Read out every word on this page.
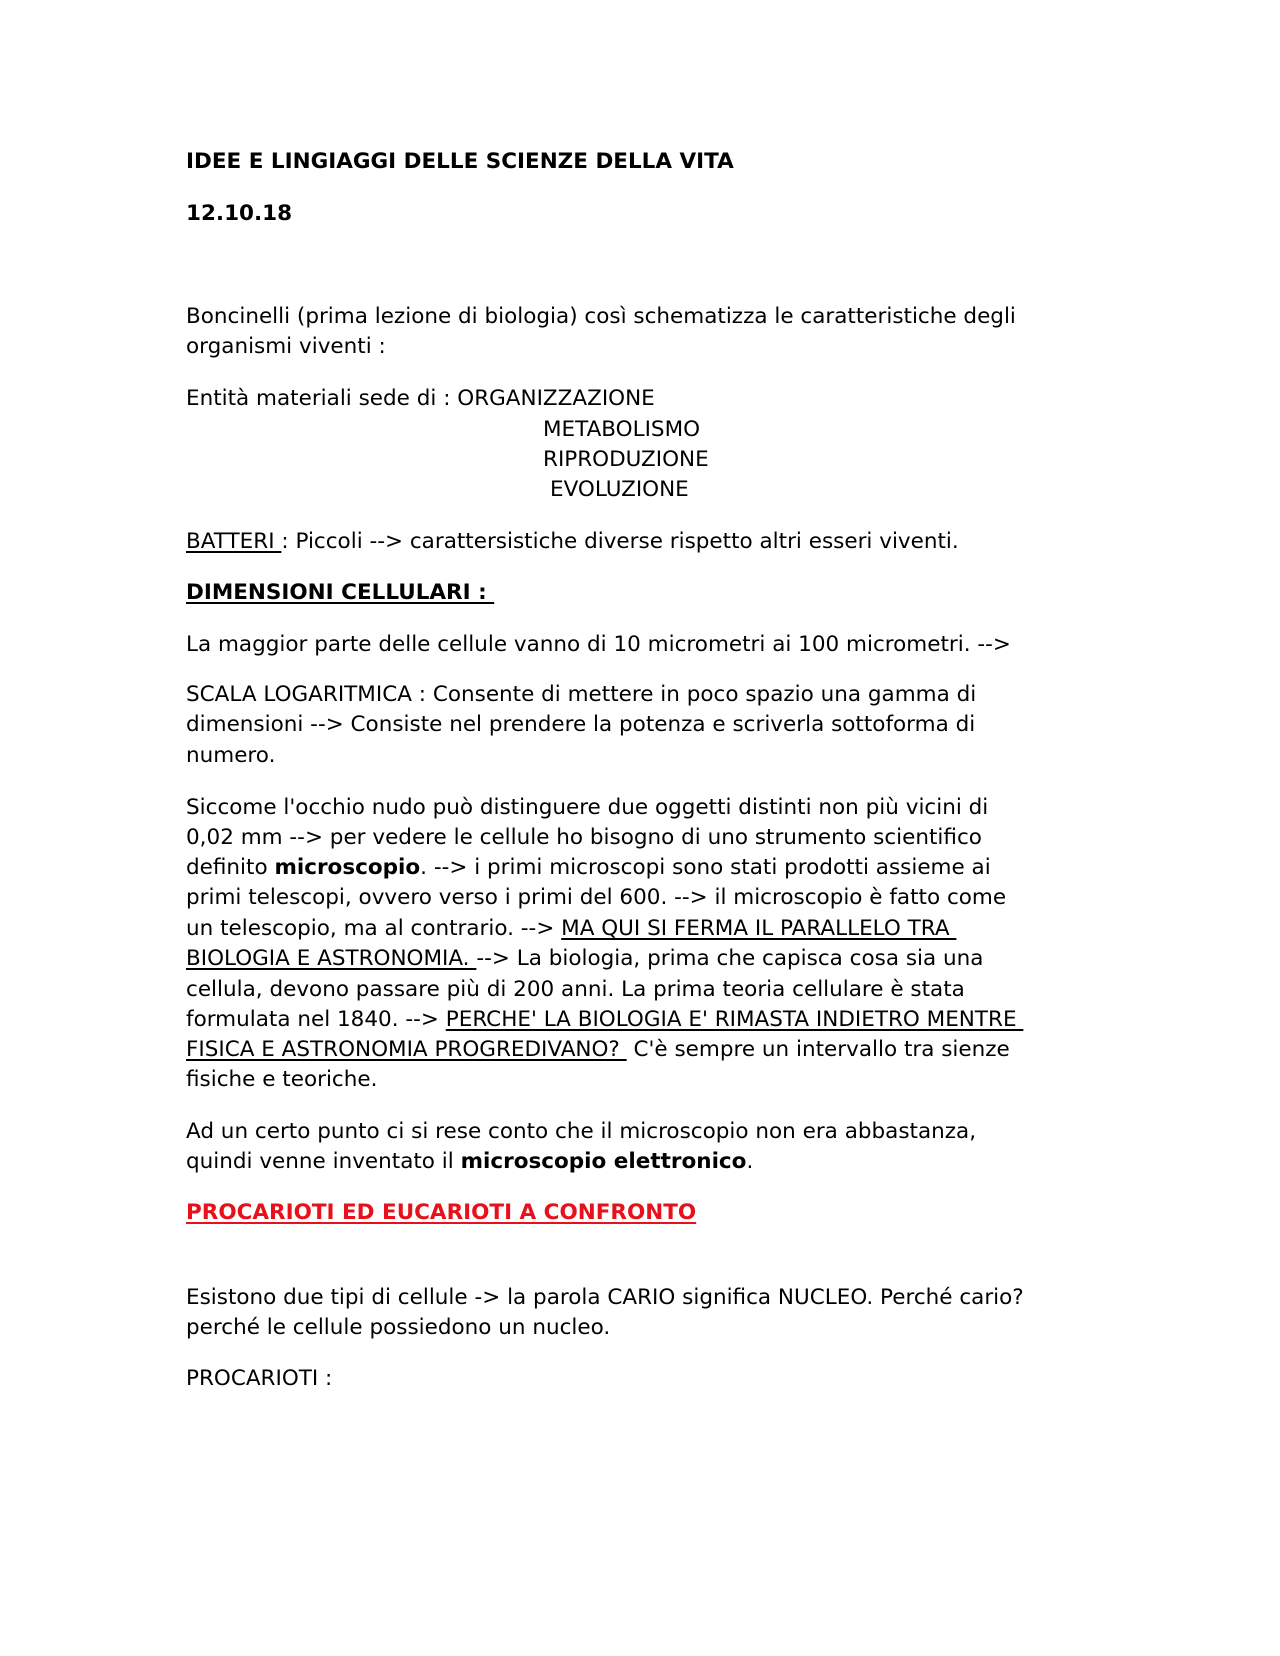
IDEE E LINGIAGGI DELLE SCIENZE DELLA VITA
12.10.18
Boncinelli (prima lezione di biologia) così schematizza le caratteristiche degli
organismi viventi :
Entità materiali sede di : ORGANIZZAZIONE
METABOLISMO
RIPRODUZIONE
EVOLUZIONE
BATTERI : Piccoli --> carattersistiche diverse rispetto altri esseri viventi.
DIMENSIONI CELLULARI :
La maggior parte delle cellule vanno di 10 micrometri ai 100 micrometri. -->
SCALA LOGARITMICA : Consente di mettere in poco spazio una gamma di
dimensioni --> Consiste nel prendere la potenza e scriverla sottoforma di
numero.
Siccome l'occhio nudo può distinguere due oggetti distinti non più vicini di
0,02 mm --> per vedere le cellule ho bisogno di uno strumento scientifico
definito microscopio. --> i primi microscopi sono stati prodotti assieme ai
primi telescopi, ovvero verso i primi del 600. --> il microscopio è fatto come
un telescopio, ma al contrario. --> MA QUI SI FERMA IL PARALLELO TRA
BIOLOGIA E ASTRONOMIA. --> La biologia, prima che capisca cosa sia una
cellula, devono passare più di 200 anni. La prima teoria cellulare è stata
formulata nel 1840. --> PERCHE' LA BIOLOGIA E' RIMASTA INDIETRO MENTRE
FISICA E ASTRONOMIA PROGREDIVANO?  C'è sempre un intervallo tra sienze
fisiche e teoriche.
Ad un certo punto ci si rese conto che il microscopio non era abbastanza,
quindi venne inventato il microscopio elettronico.
PROCARIOTI ED EUCARIOTI A CONFRONTO
Esistono due tipi di cellule -> la parola CARIO significa NUCLEO. Perché cario?
perché le cellule possiedono un nucleo.
PROCARIOTI :
